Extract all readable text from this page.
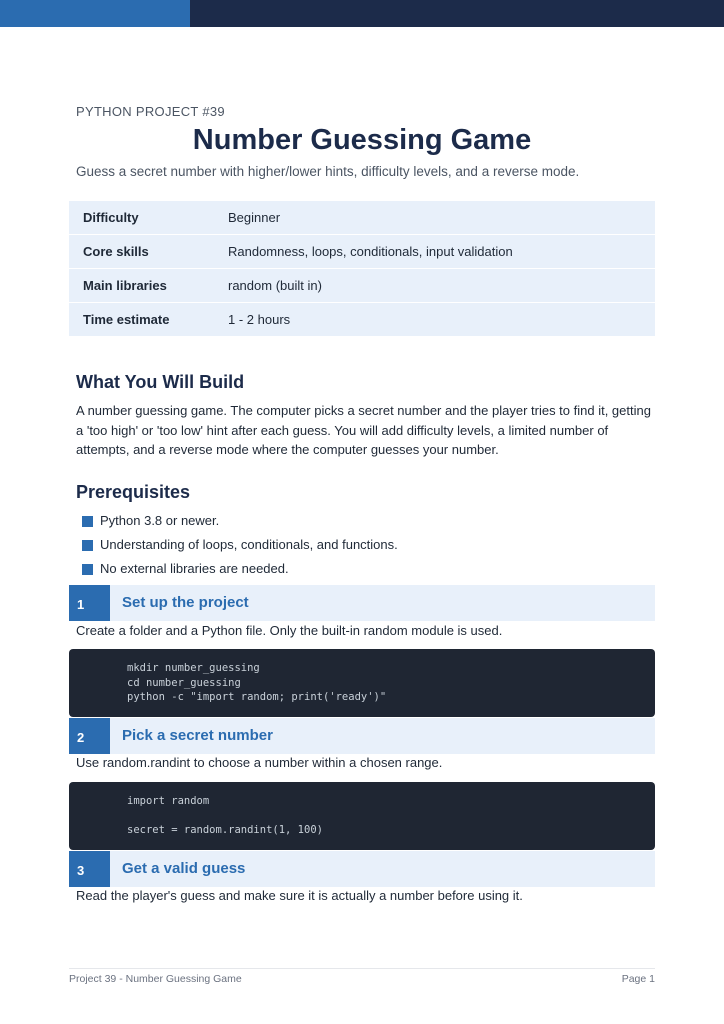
PYTHON PROJECT #39
Number Guessing Game
Guess a secret number with higher/lower hints, difficulty levels, and a reverse mode.
Difficulty	Beginner
Core skills	Randomness, loops, conditionals, input validation
Main libraries	random (built in)
Time estimate	1 - 2 hours
What You Will Build
A number guessing game. The computer picks a secret number and the player tries to find it, getting a 'too high' or 'too low' hint after each guess. You will add difficulty levels, a limited number of attempts, and a reverse mode where the computer guesses your number.
Prerequisites
Python 3.8 or newer.
Understanding of loops, conditionals, and functions.
No external libraries are needed.
1	Set up the project
Create a folder and a Python file. Only the built-in random module is used.
mkdir number_guessing
cd number_guessing
python -c "import random; print('ready')"
2	Pick a secret number
Use random.randint to choose a number within a chosen range.
import random

secret = random.randint(1, 100)
3	Get a valid guess
Read the player's guess and make sure it is actually a number before using it.
Project 39 - Number Guessing Game	Page 1
